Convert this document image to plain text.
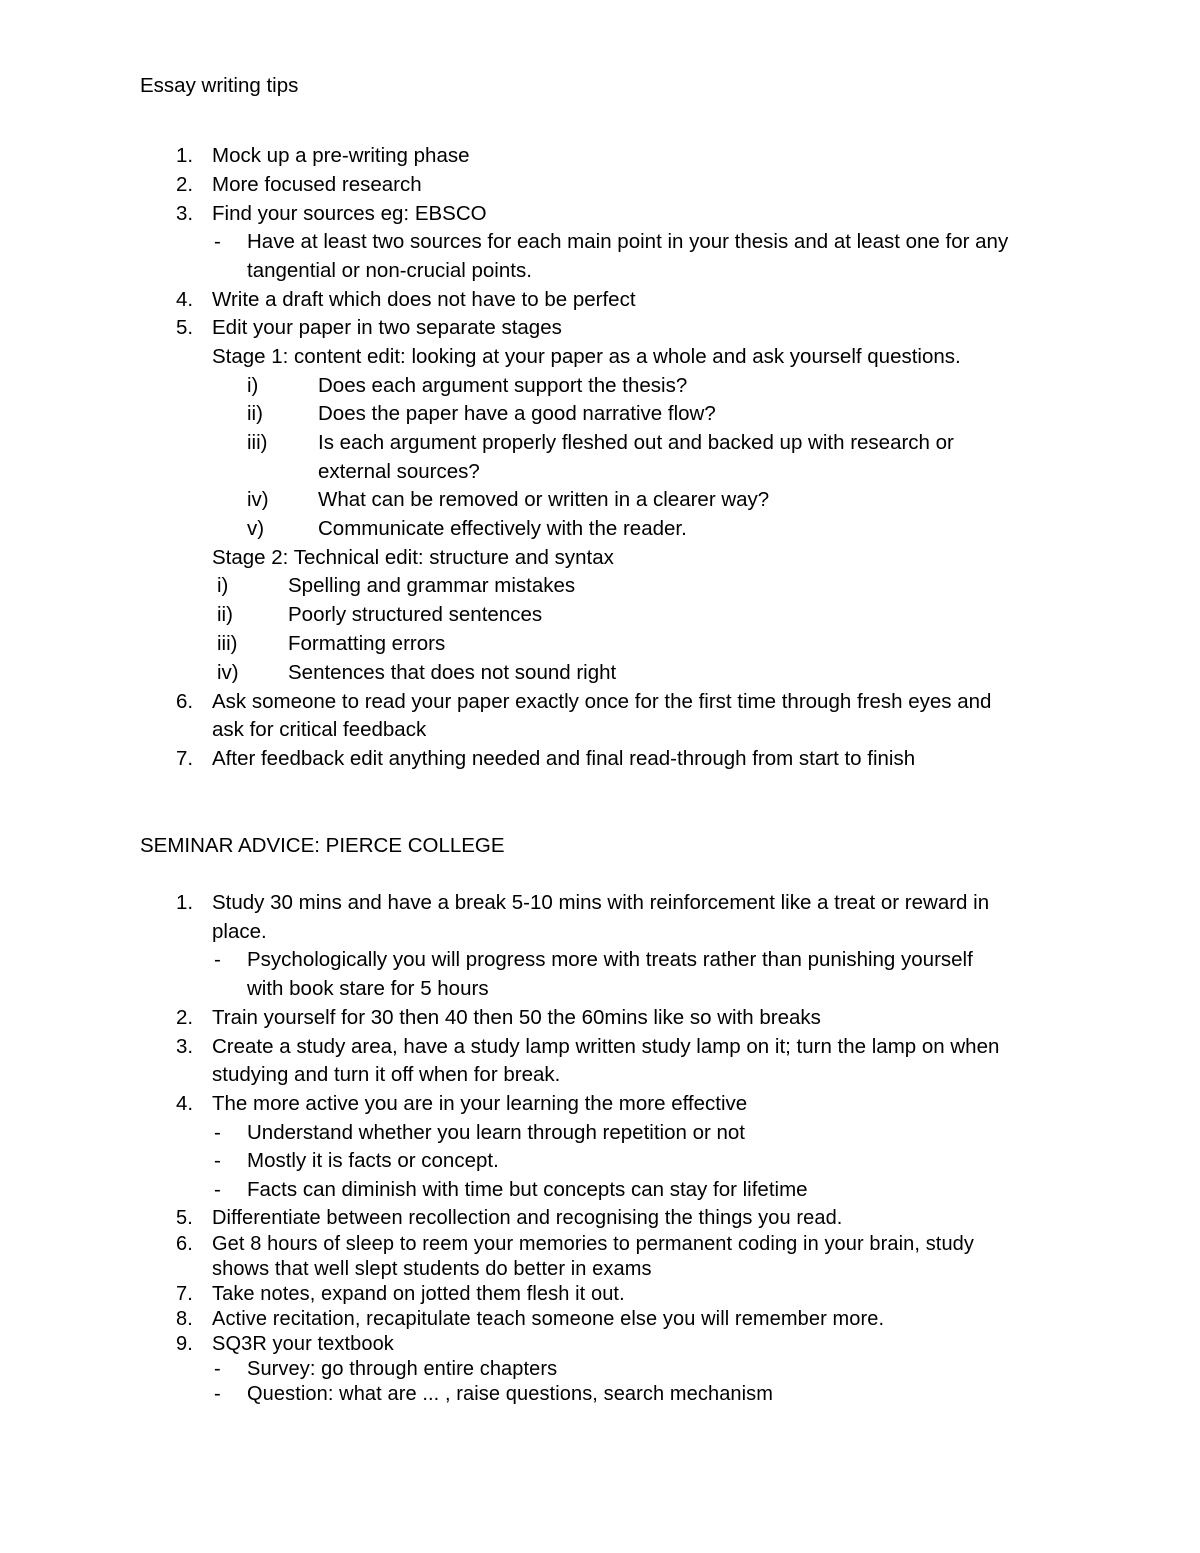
Essay writing tips
1. Mock up a pre-writing phase
2. More focused research
3. Find your sources eg: EBSCO
- Have at least two sources for each main point in your thesis and at least one for any
tangential or non-crucial points.
4. Write a draft which does not have to be perfect
5. Edit your paper in two separate stages
Stage 1: content edit: looking at your paper as a whole and ask yourself questions.
i)	Does each argument support the thesis?
ii)	Does the paper have a good narrative flow?
iii) Is each argument properly fleshed out and backed up with research or
external sources?
iv) What can be removed or written in a clearer way?
v)	Communicate effectively with the reader.
Stage 2: Technical edit: structure and syntax
i)	Spelling and grammar mistakes
ii)	Poorly structured sentences
iii) Formatting errors
iv) Sentences that does not sound right
6. Ask someone to read your paper exactly once for the first time through fresh eyes and
ask for critical feedback
7. After feedback edit anything needed and final read-through from start to finish
SEMINAR ADVICE: PIERCE COLLEGE
1. Study 30 mins and have a break 5-10 mins with reinforcement like a treat or reward in
place.
- Psychologically you will progress more with treats rather than punishing yourself
with book stare for 5 hours
2. Train yourself for 30 then 40 then 50 the 60mins like so with breaks
3. Create a study area, have a study lamp written study lamp on it; turn the lamp on when
studying and turn it off when for break.
4. The more active you are in your learning the more effective
- Understand whether you learn through repetition or not
- Mostly it is facts or concept.
- Facts can diminish with time but concepts can stay for lifetime
5. Differentiate between recollection and recognising the things you read.
6. Get 8 hours of sleep to reem your memories to permanent coding in your brain, study
shows that well slept students do better in exams
7. Take notes, expand on jotted them flesh it out.
8. Active recitation, recapitulate teach someone else you will remember more.
9. SQ3R your textbook
- Survey: go through entire chapters
- Question: what are ... , raise questions, search mechanism
